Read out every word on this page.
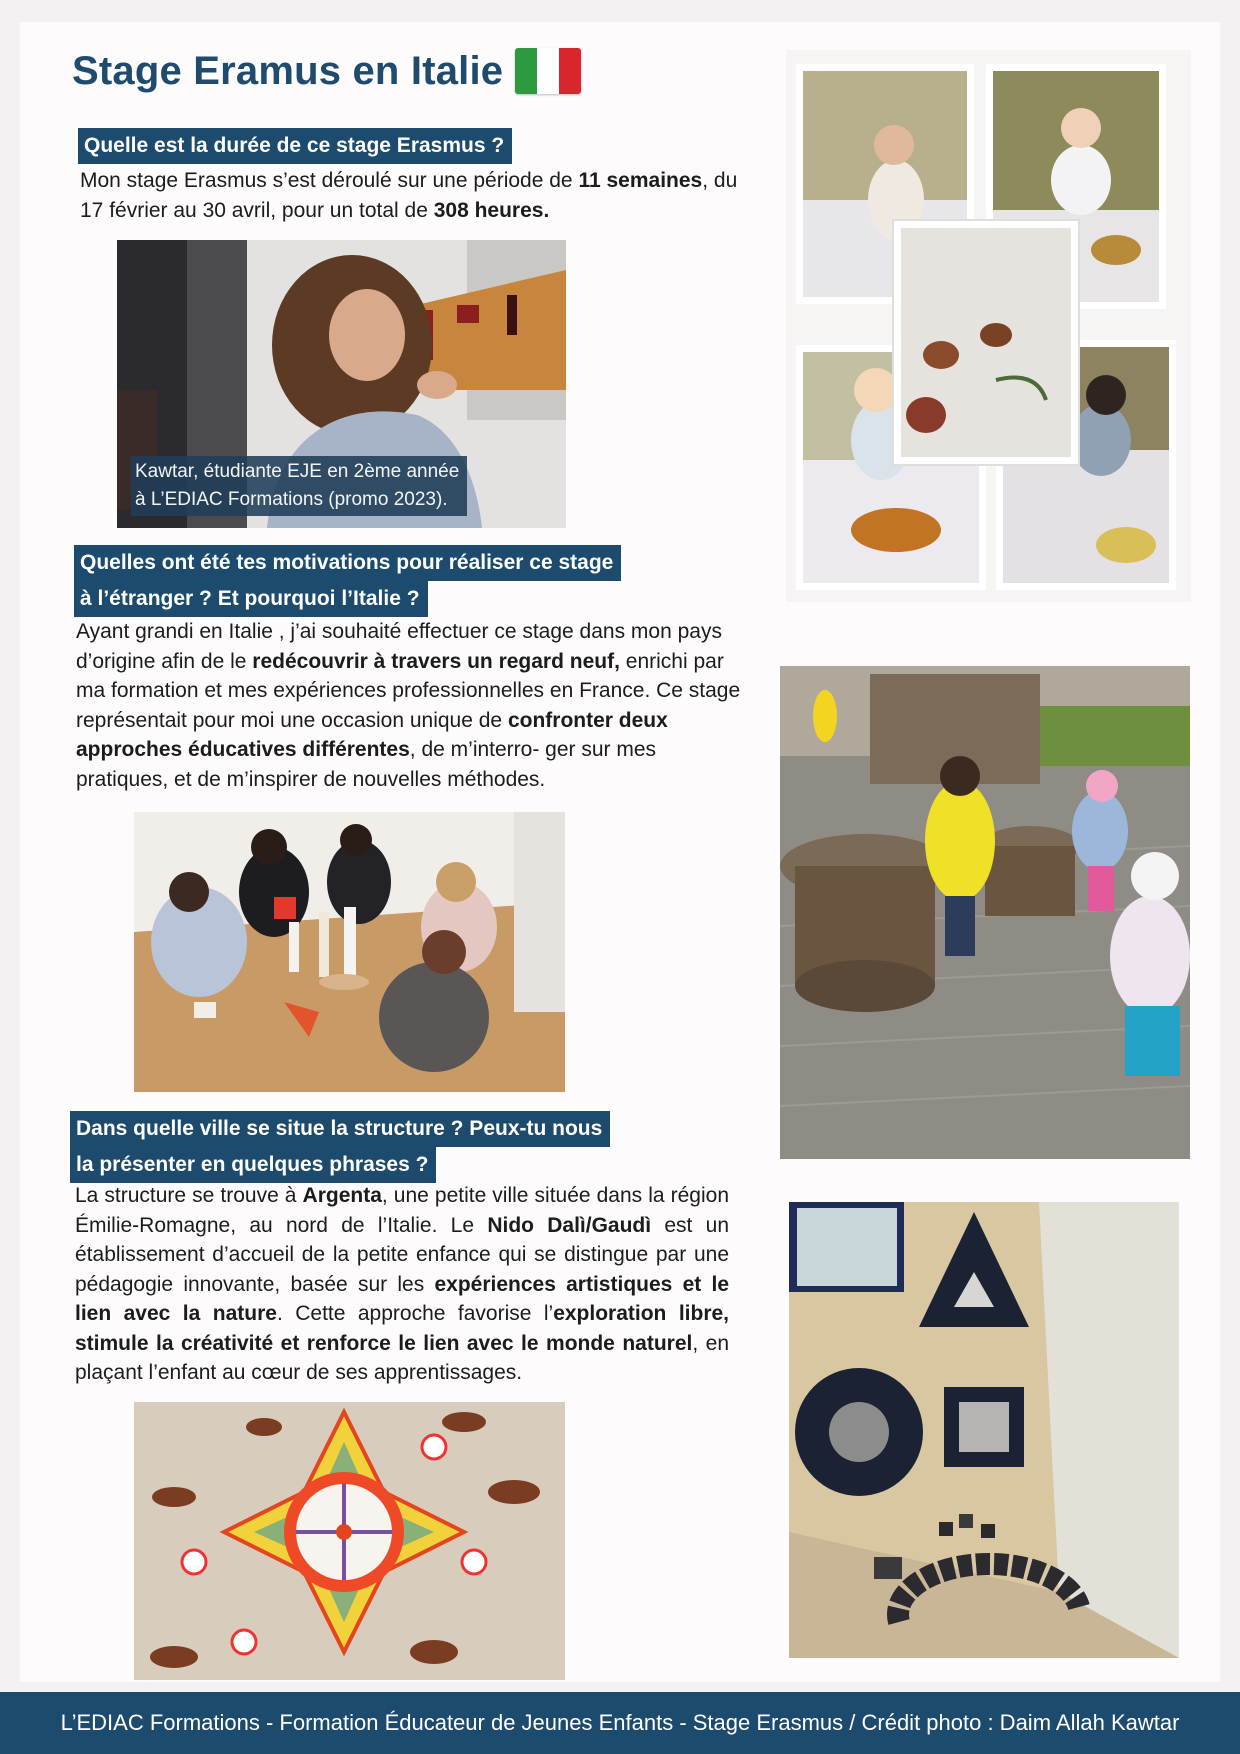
Stage Eramus en Italie
Quelle est la durée de ce stage Erasmus ?

Mon stage Erasmus s’est déroulé sur une période de 11 semaines, du 17 février au 30 avril, pour un total de 308 heures.

Kawtar, étudiante EJE en 2ème année
à L’EDIAC Formations (promo 2023).
Quelles ont été tes motivations pour réaliser ce stage
à l’étranger ? Et pourquoi l’Italie ?

Ayant grandi en Italie , j’ai souhaité effectuer ce stage dans mon pays d’origine afin de le redécouvrir à travers un regard neuf, enrichi par ma formation et mes expériences professionnelles en France. Ce stage représentait pour moi une occasion unique de confronter deux approches éducatives différentes, de m’interro- ger sur mes pratiques, et de m’inspirer de nouvelles méthodes.

Dans quelle ville se situe la structure ? Peux-tu nous
la présenter en quelques phrases ?

La structure se trouve à Argenta, une petite ville située dans la région Émilie-Romagne, au nord de l’Italie. Le Nido Dalì/Gaudì est un établissement d’accueil de la petite enfance qui se distingue par une pédagogie innovante, basée sur les expériences artistiques et le lien avec la nature. Cette approche favorise l’exploration libre, stimule la créativité et renforce le lien avec le monde naturel, en plaçant l’enfant au cœur de ses apprentissages.

L’EDIAC Formations - Formation Éducateur de Jeunes Enfants - Stage Erasmus / Crédit photo : Daim Allah Kawtar
